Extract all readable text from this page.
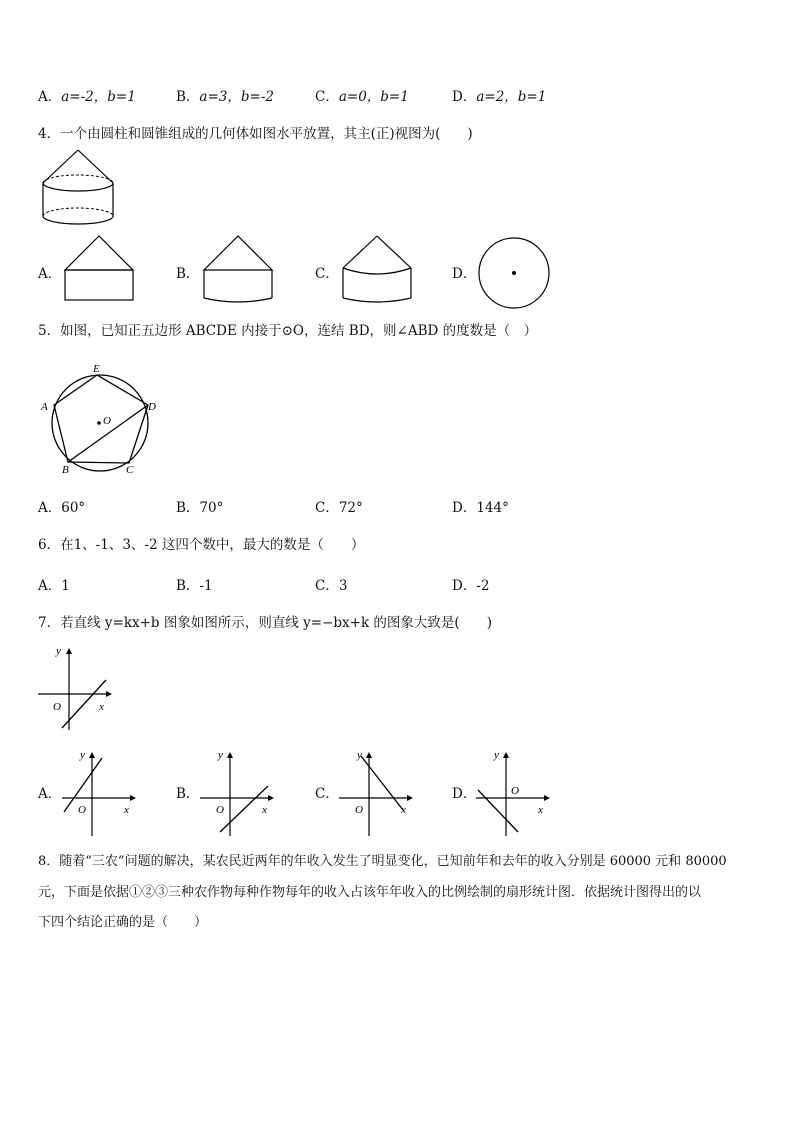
A．a=-2，b=1	B．a=3，b=-2	C．a=0，b=1	D．a=2，b=1
4．一个由圆柱和圆锥组成的几何体如图水平放置，其主(正)视图为(　　)
A．	B．	C．	D．
5．如图，已知正五边形 ABCDE 内接于⊙O，连结 BD，则∠ABD 的度数是（　）
E
A	D
O
B	C
A．60°	B．70°	C．72°	D．144°
6．在1、-1、3、-2 这四个数中，最大的数是（　　）
A．1	B．-1	C．3	D．-2
7．若直线 y=kx+b 图象如图所示，则直线 y=−bx+k 的图象大致是(　　)
y
O	x
A．
y
O	x
B．
y
O	x
C．
y
O	x
D．
y
O
x
8．随着“三农”问题的解决，某农民近两年的年收入发生了明显变化，已知前年和去年的收入分别是 60000 元和 80000
元，下面是依据①②③三种农作物每种作物每年的收入占该年年收入的比例绘制的扇形统计图．依据统计图得出的以
下四个结论正确的是（　　）
